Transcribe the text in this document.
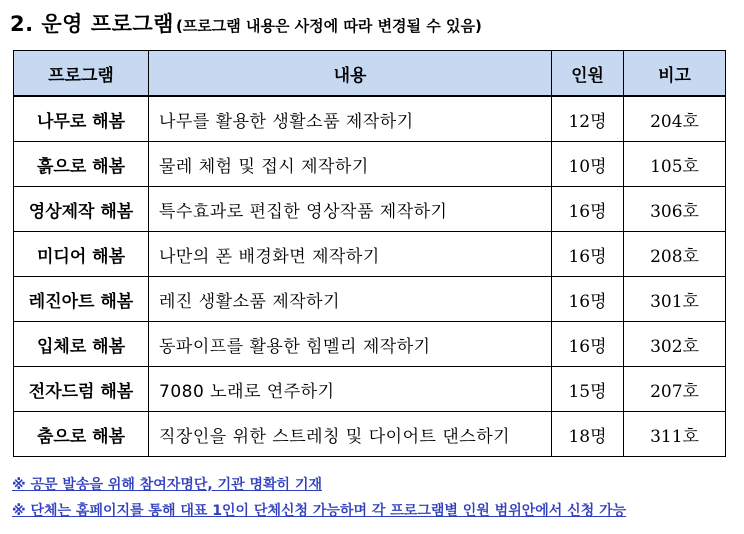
2. 운영 프로그램 (프로그램 내용은 사정에 따라 변경될 수 있음)
프로그램	내용	인원	비고
나무로 해봄	나무를 활용한 생활소품 제작하기	12명	204호
흙으로 해봄	물레 체험 및 접시 제작하기	10명	105호
영상제작 해봄	특수효과로 편집한 영상작품 제작하기	16명	306호
미디어 해봄	나만의 폰 배경화면 제작하기	16명	208호
레진아트 해봄	레진 생활소품 제작하기	16명	301호
입체로 해봄	동파이프를 활용한 힘멜리 제작하기	16명	302호
전자드럼 해봄	7080 노래로 연주하기	15명	207호
춤으로 해봄	직장인을 위한 스트레칭 및 다이어트 댄스하기	18명	311호
※ 공문 발송을 위해 참여자명단, 기관 명확히 기재
※ 단체는 홈페이지를 통해 대표 1인이 단체신청 가능하며 각 프로그램별 인원 범위안에서 신청 가능
